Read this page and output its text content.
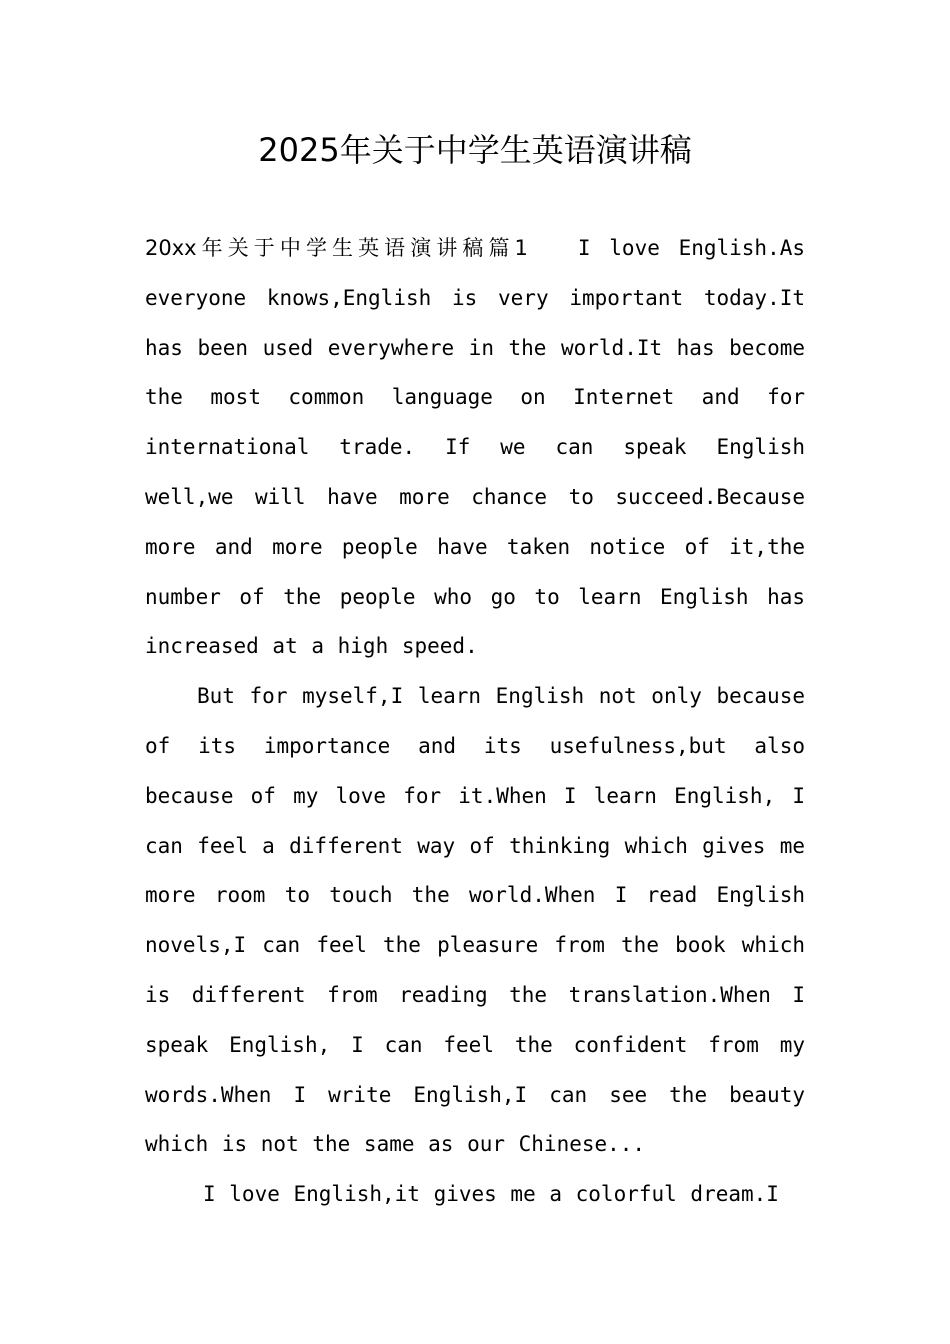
2025年关于中学生英语演讲稿

20xx年关于中学生英语演讲稿篇1 I love English.As everyone knows,English is very important today.It has been used everywhere in the world.It has become the most common language on Internet and for international trade. If we can speak English well,we will have more chance to succeed.Because more and more people have taken notice of it,the number of the people who go to learn English has increased at a high speed.

But for myself,I learn English not only because of its importance and its usefulness,but also because of my love for it.When I learn English, I can feel a different way of thinking which gives me more room to touch the world.When I read English novels,I can feel the pleasure from the book which is different from reading the translation.When I speak English, I can feel the confident from my words.When I write English,I can see the beauty which is not the same as our Chinese...

I love English,it gives me a colorful dream.I
